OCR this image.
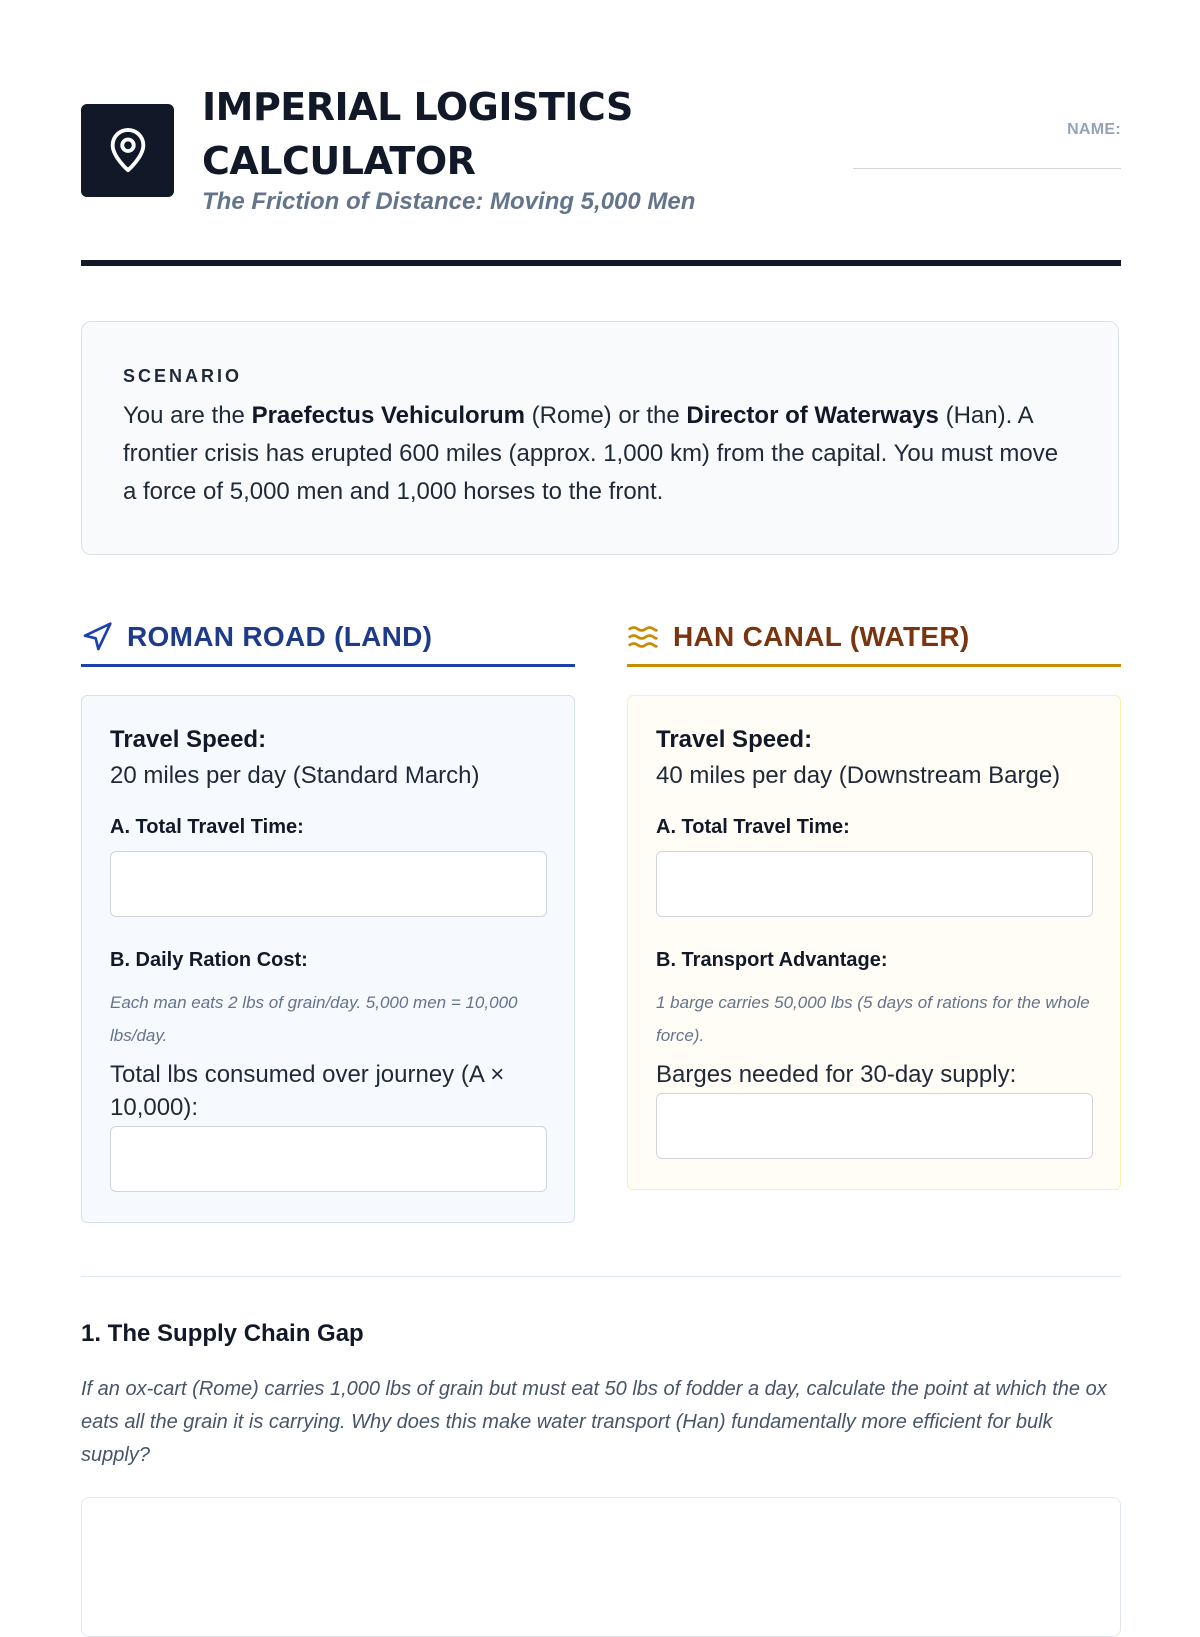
IMPERIAL LOGISTICS CALCULATOR
The Friction of Distance: Moving 5,000 Men
NAME:
SCENARIO
You are the Praefectus Vehiculorum (Rome) or the Director of Waterways (Han). A frontier crisis has erupted 600 miles (approx. 1,000 km) from the capital. You must move a force of 5,000 men and 1,000 horses to the front.
ROMAN ROAD (LAND)
Travel Speed:
20 miles per day (Standard March)
A. Total Travel Time:
B. Daily Ration Cost:
Each man eats 2 lbs of grain/day. 5,000 men = 10,000 lbs/day.
Total lbs consumed over journey (A × 10,000):
HAN CANAL (WATER)
Travel Speed:
40 miles per day (Downstream Barge)
A. Total Travel Time:
B. Transport Advantage:
1 barge carries 50,000 lbs (5 days of rations for the whole force).
Barges needed for 30-day supply:
1. The Supply Chain Gap
If an ox-cart (Rome) carries 1,000 lbs of grain but must eat 50 lbs of fodder a day, calculate the point at which the ox eats all the grain it is carrying. Why does this make water transport (Han) fundamentally more efficient for bulk supply?
